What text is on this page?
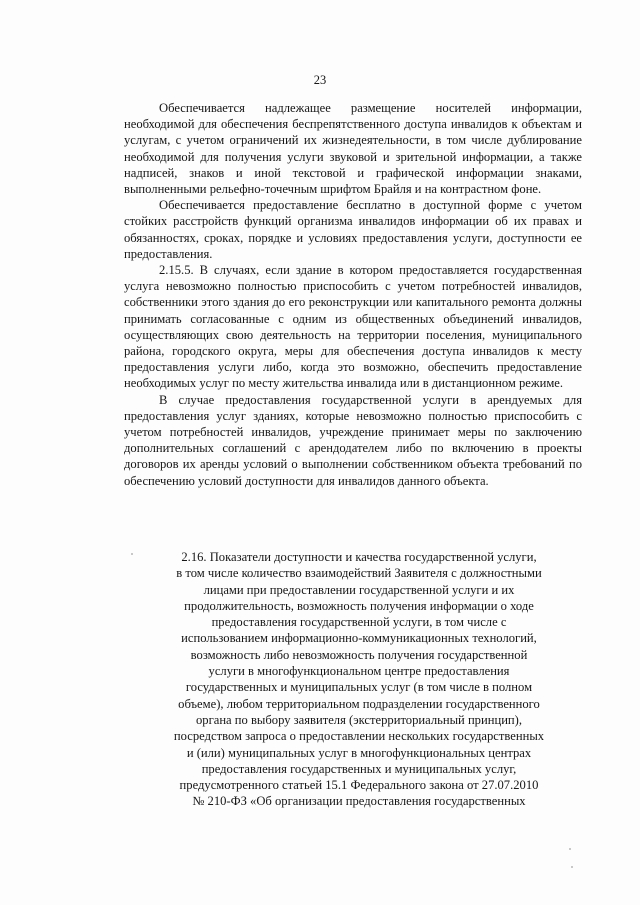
23

Обеспечивается надлежащее размещение носителей информации, необходимой для обеспечения беспрепятственного доступа инвалидов к объектам и услугам, с учетом ограничений их жизнедеятельности, в том числе дублирование необходимой для получения услуги звуковой и зрительной информации, а также надписей, знаков и иной текстовой и графической информации знаками, выполненными рельефно-точечным шрифтом Брайля и на контрастном фоне.

Обеспечивается предоставление бесплатно в доступной форме с учетом стойких расстройств функций организма инвалидов информации об их правах и обязанностях, сроках, порядке и условиях предоставления услуги, доступности ее предоставления.

2.15.5. В случаях, если здание в котором предоставляется государственная услуга невозможно полностью приспособить с учетом потребностей инвалидов, собственники этого здания до его реконструкции или капитального ремонта должны принимать согласованные с одним из общественных объединений инвалидов, осуществляющих свою деятельность на территории поселения, муниципального района, городского округа, меры для обеспечения доступа инвалидов к месту предоставления услуги либо, когда это возможно, обеспечить предоставление необходимых услуг по месту жительства инвалида или в дистанционном режиме.

В случае предоставления государственной услуги в арендуемых для предоставления услуг зданиях, которые невозможно полностью приспособить с учетом потребностей инвалидов, учреждение принимает меры по заключению дополнительных соглашений с арендодателем либо по включению в проекты договоров их аренды условий о выполнении собственником объекта требований по обеспечению условий доступности для инвалидов данного объекта.

2.16. Показатели доступности и качества государственной услуги,

в том числе количество взаимодействий Заявителя с должностными

лицами при предоставлении государственной услуги и их

продолжительность, возможность получения информации о ходе

предоставления государственной услуги, в том числе с

использованием информационно-коммуникационных технологий,

возможность либо невозможность получения государственной

услуги в многофункциональном центре предоставления

государственных и муниципальных услуг (в том числе в полном

объеме), любом территориальном подразделении государственного

органа по выбору заявителя (экстерриториальный принцип),

посредством запроса о предоставлении нескольких государственных

и (или) муниципальных услуг в многофункциональных центрах

предоставления государственных и муниципальных услуг,

предусмотренного статьей 15.1 Федерального закона от 27.07.2010

№ 210-ФЗ «Об организации предоставления государственных
